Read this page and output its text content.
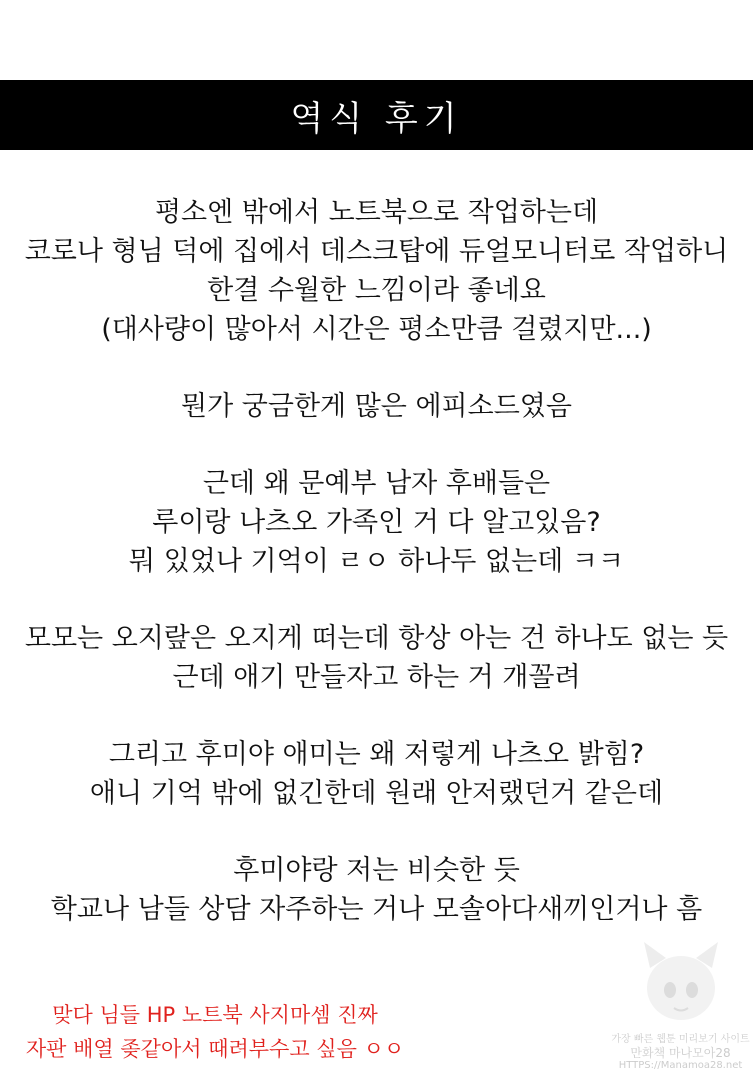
역식 후기
평소엔 밖에서 노트북으로 작업하는데
코로나 형님 덕에 집에서 데스크탑에 듀얼모니터로 작업하니
한결 수월한 느낌이라 좋네요
(대사량이 많아서 시간은 평소만큼 걸렸지만...)
뭔가 궁금한게 많은 에피소드였음
근데 왜 문예부 남자 후배들은
루이랑 나츠오 가족인 거 다 알고있음?
뭐 있었나 기억이 ㄹㅇ 하나두 없는데 ㅋㅋ
모모는 오지랖은 오지게 떠는데 항상 아는 건 하나도 없는 듯
근데 애기 만들자고 하는 거 개꼴려
그리고 후미야 애미는 왜 저렇게 나츠오 밝힘?
애니 기억 밖에 없긴한데 원래 안저랬던거 같은데
후미야랑 저는 비슷한 듯
학교나 남들 상담 자주하는 거나 모솔아다새끼인거나 흠
맞다 님들 HP 노트북 사지마셈 진짜
자판 배열 좆같아서 때려부수고 싶음 ㅇㅇ	가장 빠른 웹툰 미리보기 사이트
만화책 마나모아28
HTTPS://Manamoa28.net
